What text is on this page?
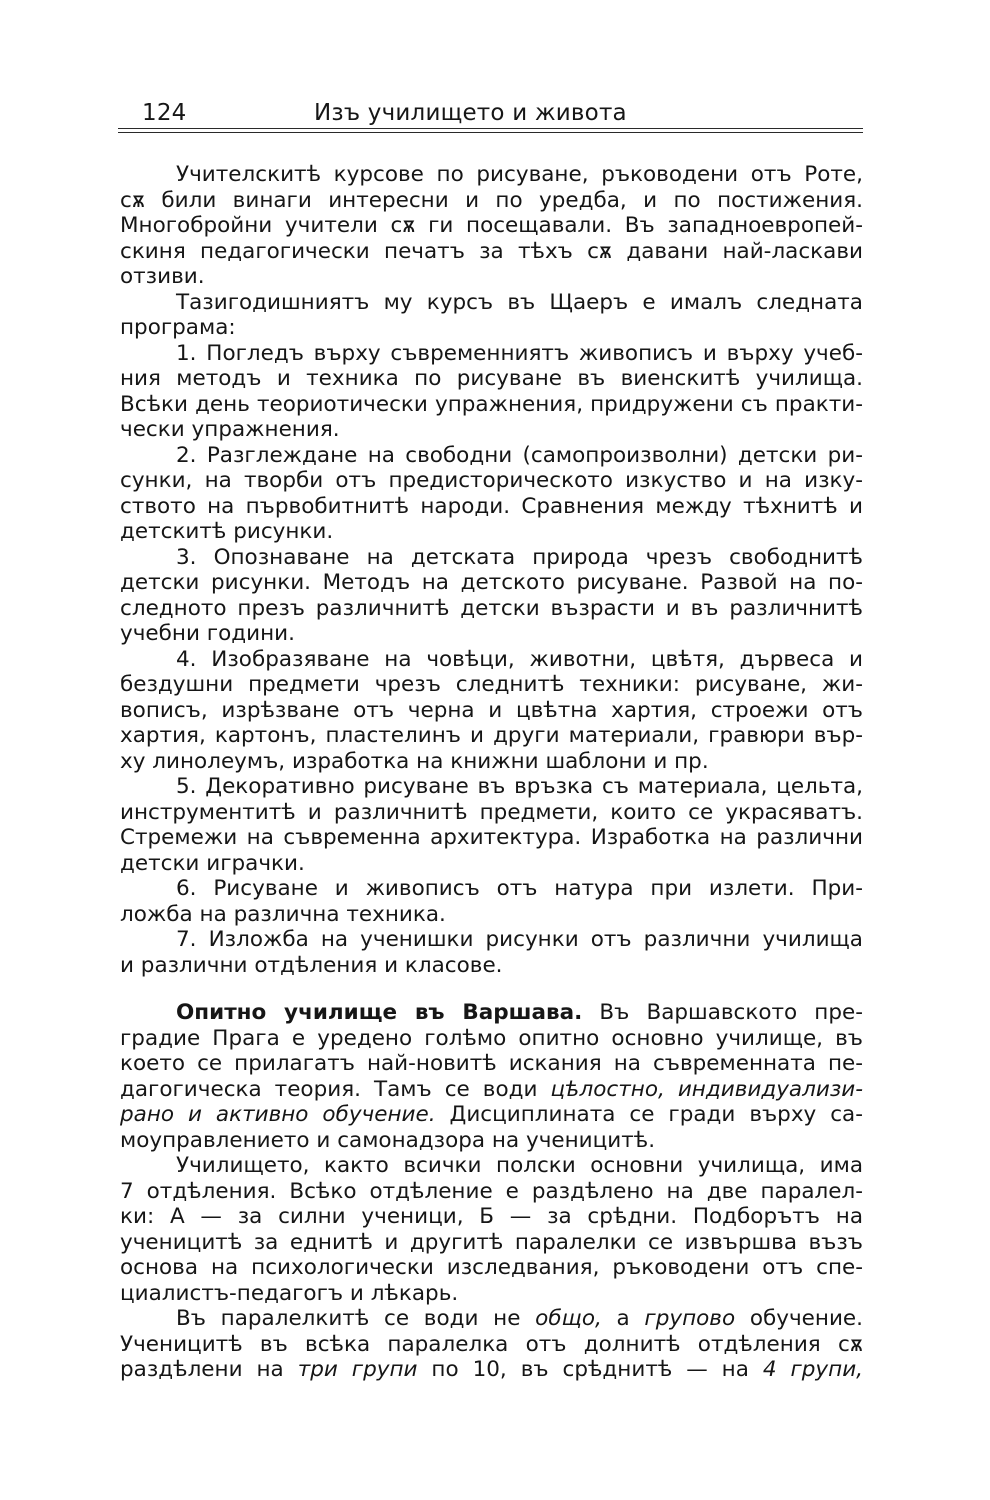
124	Изъ училището и живота

Учителскитѣ курсове по рисуване, ръководени отъ Роте,
сѫ били винаги интересни и по уредба, и по постижения.
Многобройни учители сѫ ги посещавали. Въ западноевропей-
скиня педагогически печатъ за тѣхъ сѫ давани най-ласкави
отзиви.

Тазигодишниятъ му курсъ въ Щаеръ е ималъ следната
програма:

1. Погледъ върху съвременниятъ живописъ и върху учеб-
ния методъ и техника по рисуване въ виенскитѣ училища.
Всѣки день теориотически упражнения, придружени съ практи-
чески упражнения.

2. Разглеждане на свободни (самопроизволни) детски ри-
сунки, на творби отъ предисторическото изкуство и на изку-
ството на първобитнитѣ народи. Сравнения между тѣхнитѣ и
детскитѣ рисунки.

3. Опознаване на детската природа чрезъ свободнитѣ
детски рисунки. Методъ на детското рисуване. Развой на по-
следното презъ различнитѣ детски възрасти и въ различнитѣ
учебни години.

4. Изобразяване на човѣци, животни, цвѣтя, дървеса и
бездушни предмети чрезъ следнитѣ техники: рисуване, жи-
вописъ, изрѣзване отъ черна и цвѣтна хартия, строежи отъ
хартия, картонъ, пластелинъ и други материали, гравюри вър-
ху линолеумъ, изработка на книжни шаблони и пр.

5. Декоративно рисуване въ връзка съ материала, цельта,
инструментитѣ и различнитѣ предмети, които се украсяватъ.
Стремежи на съвременна архитектура. Изработка на различни
детски играчки.

6. Рисуване и живописъ отъ натура при излети. При-
ложба на различна техника.

7. Изложба на ученишки рисунки отъ различни училища
и различни отдѣления и класове.

Опитно училище въ Варшава. Въ Варшавското пре-
градие Прага е уредено голѣмо опитно основно училище, въ
което се прилагатъ най-новитѣ искания на съвременната пе-
дагогическа теория. Тамъ се води цѣлостно, индивидуализи-
рано и активно обучение. Дисциплината се гради върху са-
моуправлението и самонадзора на ученицитѣ.

Училището, както всички полски основни училища, има
7 отдѣления. Всѣко отдѣление е раздѣлено на две паралел-
ки: А — за силни ученици, Б — за срѣдни. Подборътъ на
ученицитѣ за еднитѣ и другитѣ паралелки се извършва възъ
основа на психологически изследвания, ръководени отъ спе-
циалистъ-педагогъ и лѣкарь.

Въ паралелкитѣ се води не общо, а групово обучение.
Ученицитѣ въ всѣка паралелка отъ долнитѣ отдѣления сѫ
раздѣлени на три групи по 10, въ срѣднитѣ — на 4 групи,
